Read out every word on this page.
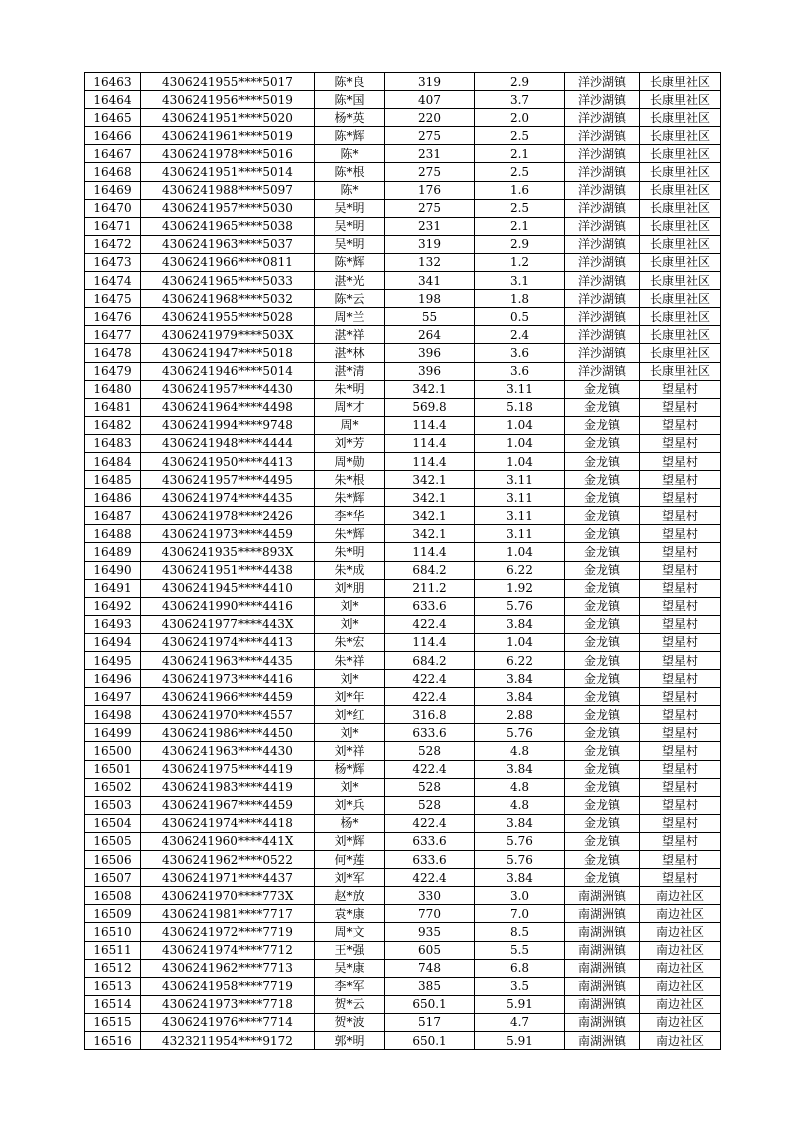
16463	4306241955****5017	陈*良	319	2.9	洋沙湖镇	长康里社区
16464	4306241956****5019	陈*国	407	3.7	洋沙湖镇	长康里社区
16465	4306241951****5020	杨*英	220	2.0	洋沙湖镇	长康里社区
16466	4306241961****5019	陈*辉	275	2.5	洋沙湖镇	长康里社区
16467	4306241978****5016	陈*	231	2.1	洋沙湖镇	长康里社区
16468	4306241951****5014	陈*根	275	2.5	洋沙湖镇	长康里社区
16469	4306241988****5097	陈*	176	1.6	洋沙湖镇	长康里社区
16470	4306241957****5030	吴*明	275	2.5	洋沙湖镇	长康里社区
16471	4306241965****5038	吴*明	231	2.1	洋沙湖镇	长康里社区
16472	4306241963****5037	吴*明	319	2.9	洋沙湖镇	长康里社区
16473	4306241966****0811	陈*辉	132	1.2	洋沙湖镇	长康里社区
16474	4306241965****5033	湛*光	341	3.1	洋沙湖镇	长康里社区
16475	4306241968****5032	陈*云	198	1.8	洋沙湖镇	长康里社区
16476	4306241955****5028	周*兰	55	0.5	洋沙湖镇	长康里社区
16477	4306241979****503X	湛*祥	264	2.4	洋沙湖镇	长康里社区
16478	4306241947****5018	湛*林	396	3.6	洋沙湖镇	长康里社区
16479	4306241946****5014	湛*清	396	3.6	洋沙湖镇	长康里社区
16480	4306241957****4430	朱*明	342.1	3.11	金龙镇	望星村
16481	4306241964****4498	周*才	569.8	5.18	金龙镇	望星村
16482	4306241994****9748	周*	114.4	1.04	金龙镇	望星村
16483	4306241948****4444	刘*芳	114.4	1.04	金龙镇	望星村
16484	4306241950****4413	周*勋	114.4	1.04	金龙镇	望星村
16485	4306241957****4495	朱*根	342.1	3.11	金龙镇	望星村
16486	4306241974****4435	朱*辉	342.1	3.11	金龙镇	望星村
16487	4306241978****2426	李*华	342.1	3.11	金龙镇	望星村
16488	4306241973****4459	朱*辉	342.1	3.11	金龙镇	望星村
16489	4306241935****893X	朱*明	114.4	1.04	金龙镇	望星村
16490	4306241951****4438	朱*成	684.2	6.22	金龙镇	望星村
16491	4306241945****4410	刘*朋	211.2	1.92	金龙镇	望星村
16492	4306241990****4416	刘*	633.6	5.76	金龙镇	望星村
16493	4306241977****443X	刘*	422.4	3.84	金龙镇	望星村
16494	4306241974****4413	朱*宏	114.4	1.04	金龙镇	望星村
16495	4306241963****4435	朱*祥	684.2	6.22	金龙镇	望星村
16496	4306241973****4416	刘*	422.4	3.84	金龙镇	望星村
16497	4306241966****4459	刘*年	422.4	3.84	金龙镇	望星村
16498	4306241970****4557	刘*红	316.8	2.88	金龙镇	望星村
16499	4306241986****4450	刘*	633.6	5.76	金龙镇	望星村
16500	4306241963****4430	刘*祥	528	4.8	金龙镇	望星村
16501	4306241975****4419	杨*辉	422.4	3.84	金龙镇	望星村
16502	4306241983****4419	刘*	528	4.8	金龙镇	望星村
16503	4306241967****4459	刘*兵	528	4.8	金龙镇	望星村
16504	4306241974****4418	杨*	422.4	3.84	金龙镇	望星村
16505	4306241960****441X	刘*辉	633.6	5.76	金龙镇	望星村
16506	4306241962****0522	何*莲	633.6	5.76	金龙镇	望星村
16507	4306241971****4437	刘*军	422.4	3.84	金龙镇	望星村
16508	4306241970****773X	赵*放	330	3.0	南湖洲镇	南边社区
16509	4306241981****7717	袁*康	770	7.0	南湖洲镇	南边社区
16510	4306241972****7719	周*文	935	8.5	南湖洲镇	南边社区
16511	4306241974****7712	王*强	605	5.5	南湖洲镇	南边社区
16512	4306241962****7713	吴*康	748	6.8	南湖洲镇	南边社区
16513	4306241958****7719	李*军	385	3.5	南湖洲镇	南边社区
16514	4306241973****7718	贺*云	650.1	5.91	南湖洲镇	南边社区
16515	4306241976****7714	贺*波	517	4.7	南湖洲镇	南边社区
16516	4323211954****9172	郭*明	650.1	5.91	南湖洲镇	南边社区
